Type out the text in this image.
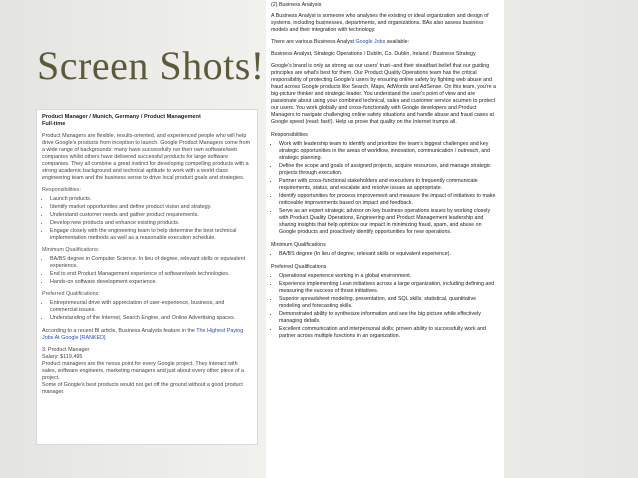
Screen Shots!
Product Manager / Munich, Germany / Product Management
Full-time

Product Managers are flexible, results-oriented, and experienced people who will help drive Google's products from inception to launch. Google Product Managers come from a wide range of backgrounds: many have successfully run their own software/web companies whilst others have delivered successful products for large software companies. They all combine a great instinct for developing compelling products with a strong academic background and technical aptitude to work with a world class engineering team and the business sense to drive local product goals and strategies.

Responsibilities:
• Launch products.
• Identify market opportunities and define product vision and strategy.
• Understand customer needs and gather product requirements.
• Develop new products and enhance existing products.
• Engage closely with the engineering team to help determine the best technical implementation methods as well as a reasonable execution schedule.
Minimum Qualifications:
• BA/BS degree in Computer Science. In lieu of degree, relevant skills or equivalent experience.
• End to end Product Management experience of software/web technologies.
• Hands-on software development experience.
Preferred Qualifications:
• Entrepreneurial drive with appreciation of user-experience, business, and commercial issues.
• Understanding of the Internet, Search Engine, and Online Advertising spaces.

According to a recent BI article, Business Analysts feature in the The Highest Paying Jobs At Google [RANKED]

3. Product Manager
Salary: $119,495
Product managers are the nexus point for every Google project. They interact with sales, software engineers, marketing managers and just about every other piece of a project.
Some of Google's best products would not get off the ground without a good product manager.
(2) Business Analysis

A Business Analyst is someone who analyses the existing or ideal organization and design of systems, including businesses, departments, and organizations. BAs also assess business models and their integration with technology.

There are various Business Analyst Google Jobs available:

Business Analyst, Strategic Operations / Dublin, Co. Dublin, Ireland / Business Strategy

Google's brand is only as strong as our users' trust--and their steadfast belief that our guiding principles are what's best for them. Our Product Quality Operations team has the critical responsibility of protecting Google's users by ensuring online safety by fighting web abuse and fraud across Google products like Search, Maps, AdWords and AdSense. On this team, you're a big-picture thinker and strategic leader. You understand the user's point of view and are passionate about using your combined technical, sales and customer service acumen to protect our users. You work globally and cross-functionally with Google developers and Product Managers to navigate challenging online safety situations and handle abuse and fraud cases at Google speed (read: fast!). Help us prove that quality on the Internet trumps all.

Responsibilities
• Work with leadership team to identify and prioritize the team's biggest challenges and key strategic opportunities in the areas of workflow, innovation, communication / outreach, and strategic planning.
• Define the scope and goals of assigned projects, acquire resources, and manage strategic projects through execution.
• Partner with cross-functional stakeholders and executives to frequently communicate requirements, status, and escalate and resolve issues as appropriate.
• Identify opportunities for process improvement and measure the impact of initiatives to make noticeable improvements based on impact and feedback.
• Serve as an expert strategic advisor on key business operations issues by working closely with Product Quality Operations, Engineering and Product Management leadership and sharing insights that help optimize our impact in minimizing fraud, spam, and abuse on Google products and proactively identify opportunities for new operations.
Minimum Qualifications
• BA/BS degree (In lieu of degree, relevant skills or equivalent experience).
Preferred Qualifications
• Operational experience working in a global environment.
• Experience implementing Lean initiatives across a large organization, including defining and measuring the success of those initiatives.
• Superior spreadsheet modeling, presentation, and SQL skills; statistical, quantitative modeling and forecasting skills.
• Demonstrated ability to synthesize information and see the big picture while effectively managing details.
• Excellent communication and interpersonal skills; proven ability to successfully work and partner across multiple functions in an organization.
